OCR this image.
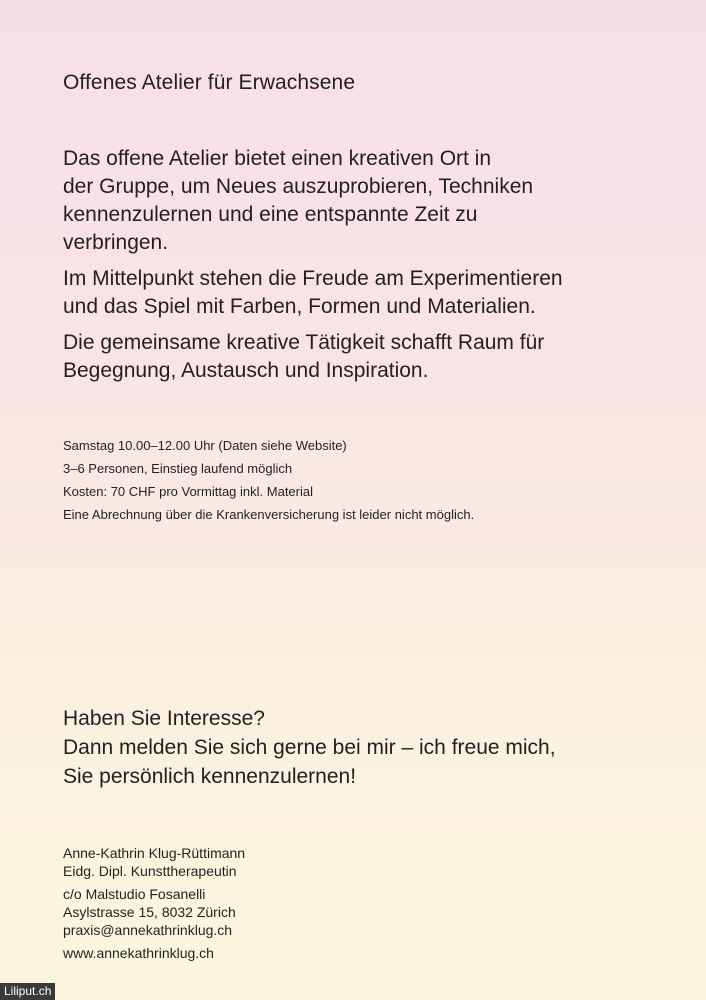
Offenes Atelier für Erwachsene

Das offene Atelier bietet einen kreativen Ort in
der Gruppe, um Neues auszuprobieren, Techniken
kennenzulernen und eine entspannte Zeit zu
verbringen.

Im Mittelpunkt stehen die Freude am Experimentieren
und das Spiel mit Farben, Formen und Materialien.

Die gemeinsame kreative Tätigkeit schafft Raum für
Begegnung, Austausch und Inspiration.

Samstag 10.00–12.00 Uhr (Daten siehe Website)
3–6 Personen, Einstieg laufend möglich
Kosten: 70 CHF pro Vormittag inkl. Material
Eine Abrechnung über die Krankenversicherung ist leider nicht möglich.
Haben Sie Interesse?
Dann melden Sie sich gerne bei mir – ich freue mich,
Sie persönlich kennenzulernen!
Anne-Kathrin Klug-Rüttimann
Eidg. Dipl. Kunsttherapeutin
c/o Malstudio Fosanelli
Asylstrasse 15, 8032 Zürich
praxis@annekathrinklug.ch
www.annekathrinklug.ch
Liliput.ch
